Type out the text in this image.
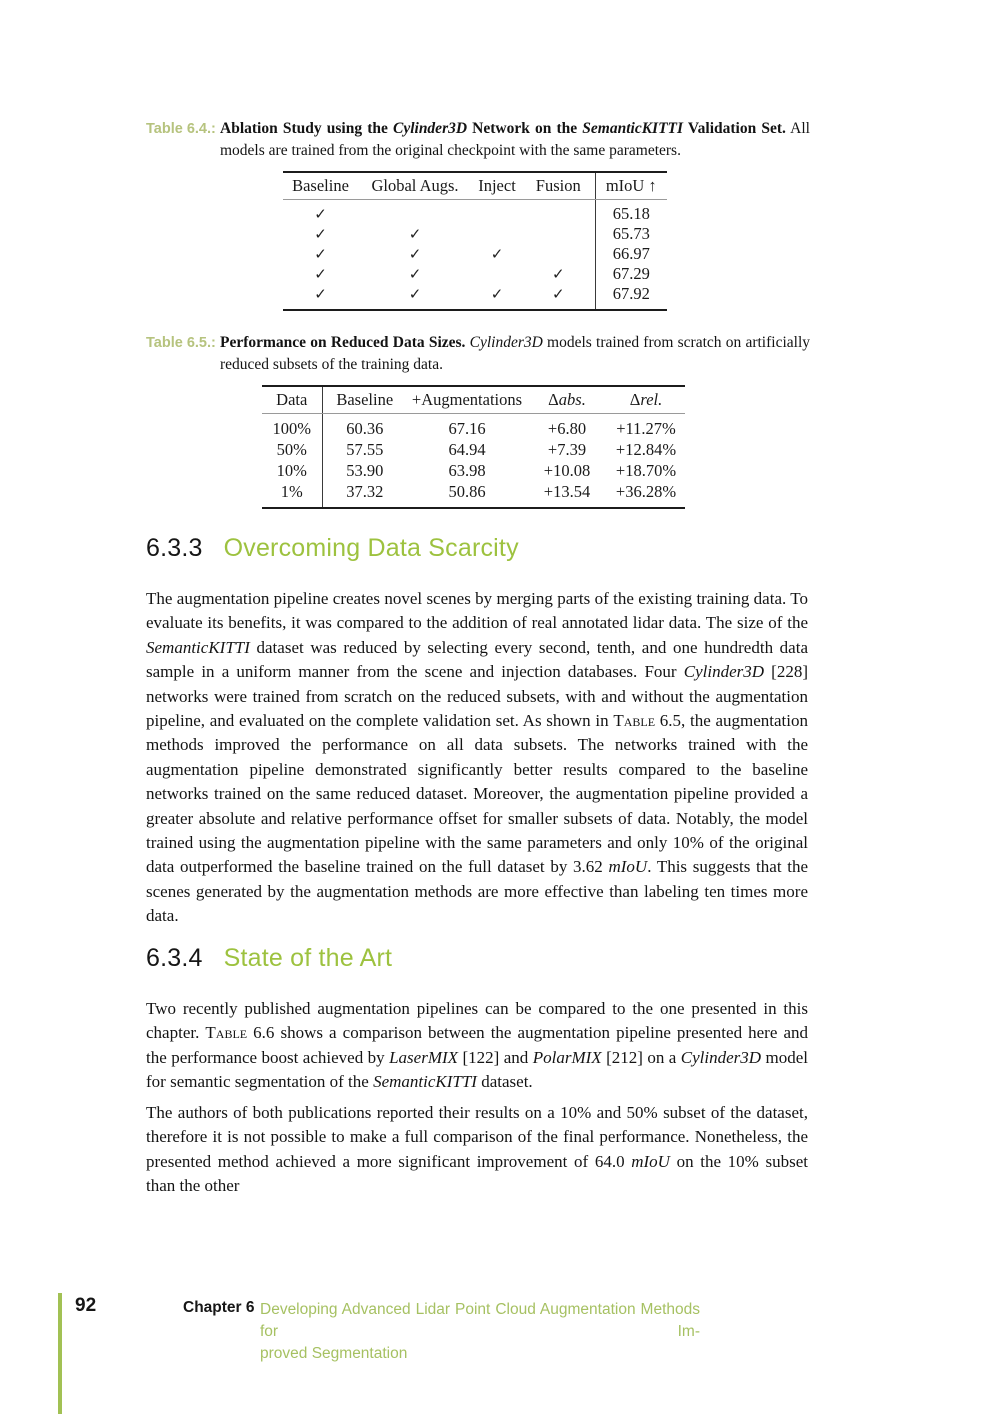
Table 6.4.: Ablation Study using the Cylinder3D Network on the SemanticKITTI Validation Set. All models are trained from the original checkpoint with the same parameters.
Baseline	Global Augs.	Inject	Fusion	mIoU ↑
✓				65.18
✓	✓			65.73
✓	✓	✓		66.97
✓	✓		✓	67.29
✓	✓	✓	✓	67.92
Table 6.5.: Performance on Reduced Data Sizes. Cylinder3D models trained from scratch on artificially reduced subsets of the training data.
Data	Baseline	+Augmentations	Δabs.	Δrel.
100%	60.36	67.16	+6.80	+11.27%
50%	57.55	64.94	+7.39	+12.84%
10%	53.90	63.98	+10.08	+18.70%
1%	37.32	50.86	+13.54	+36.28%
6.3.3 Overcoming Data Scarcity
The augmentation pipeline creates novel scenes by merging parts of the existing training data. To evaluate its benefits, it was compared to the addition of real annotated lidar data. The size of the SemanticKITTI dataset was reduced by selecting every second, tenth, and one hundredth data sample in a uniform manner from the scene and injection databases. Four Cylinder3D [228] networks were trained from scratch on the reduced subsets, with and without the augmentation pipeline, and evaluated on the complete validation set. As shown in Table 6.5, the augmentation methods improved the performance on all data subsets. The networks trained with the augmentation pipeline demonstrated significantly better results compared to the baseline networks trained on the same reduced dataset. Moreover, the augmentation pipeline provided a greater absolute and relative performance offset for smaller subsets of data. Notably, the model trained using the augmentation pipeline with the same parameters and only 10% of the original data outperformed the baseline trained on the full dataset by 3.62 mIoU. This suggests that the scenes generated by the augmentation methods are more effective than labeling ten times more data.
6.3.4 State of the Art
Two recently published augmentation pipelines can be compared to the one presented in this chapter. Table 6.6 shows a comparison between the augmentation pipeline presented here and the performance boost achieved by LaserMIX [122] and PolarMIX [212] on a Cylinder3D model for semantic segmentation of the SemanticKITTI dataset.
The authors of both publications reported their results on a 10% and 50% subset of the dataset, therefore it is not possible to make a full comparison of the final performance. Nonetheless, the presented method achieved a more significant improvement of 64.0 mIoU on the 10% subset than the other
92	Chapter 6 Developing Advanced Lidar Point Cloud Augmentation Methods for Im-
proved Segmentation
